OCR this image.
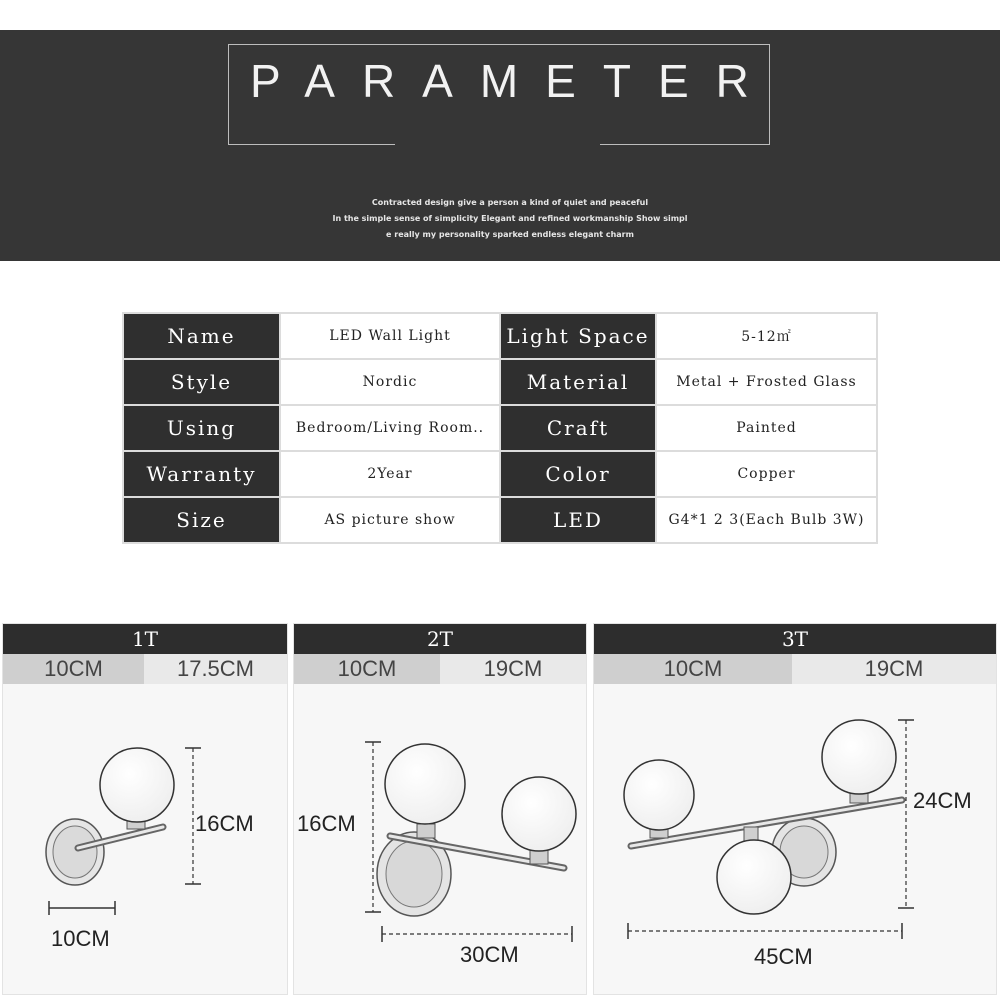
PARAMETER
Contracted design give a person a kind of quiet and peaceful
In the simple sense of simplicity Elegant and refined workmanship Show simpl
e really my personality sparked endless elegant charm
Name	LED Wall Light	Light Space	5-12㎡
Style	Nordic	Material	Metal + Frosted Glass
Using	Bedroom/Living Room..	Craft	Painted
Warranty	2Year	Color	Copper
Size	AS picture show	LED	G4*1 2 3(Each Bulb 3W)
1T
10CM	17.5CM
16CM
10CM
2T
10CM	19CM
16CM
30CM
3T
10CM	19CM
24CM
45CM
